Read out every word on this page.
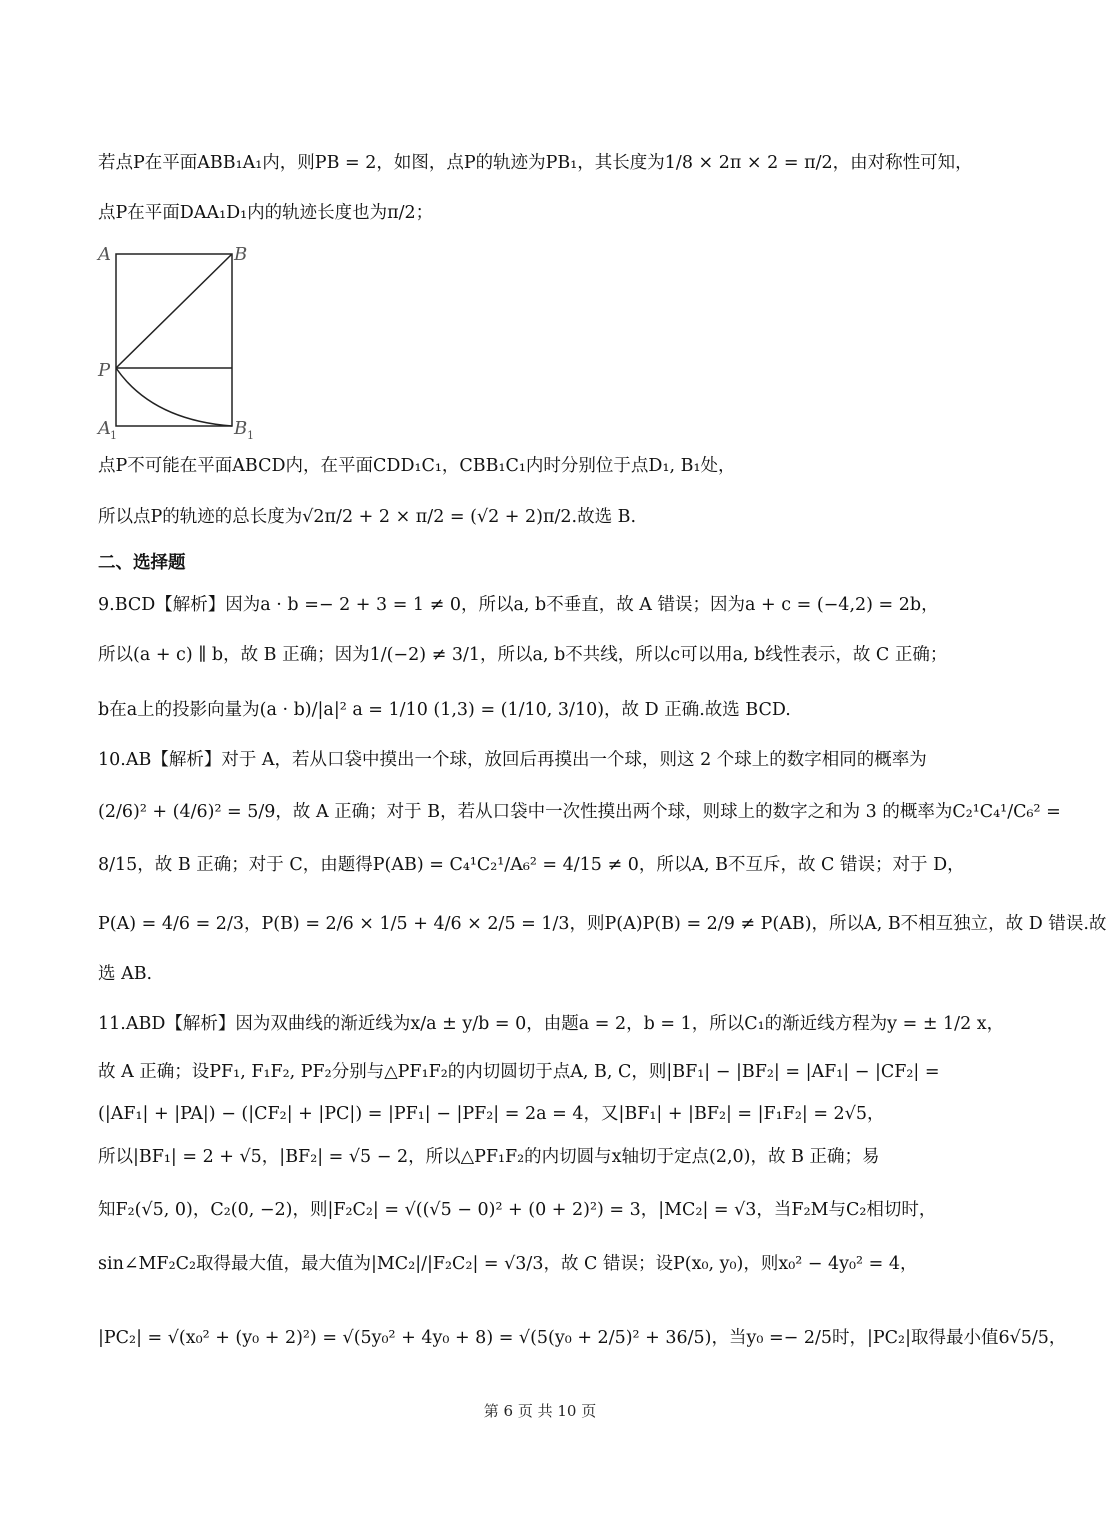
若点P在平面ABB₁A₁内，则PB = 2，如图，点P的轨迹为PB₁，其长度为1/8 × 2π × 2 = π/2，由对称性可知，
点P在平面DAA₁D₁内的轨迹长度也为π/2；
A	B
P
A 1	B 1
点P不可能在平面ABCD内，在平面CDD₁C₁，CBB₁C₁内时分别位于点D₁, B₁处，
所以点P的轨迹的总长度为√2π/2 + 2 × π/2 = (√2 + 2)π/2.故选 B.
二、选择题
9.BCD【解析】因为a · b =− 2 + 3 = 1 ≠ 0，所以a, b不垂直，故 A 错误；因为a + c = (−4,2) = 2b，
所以(a + c) ∥ b，故 B 正确；因为1/(−2) ≠ 3/1，所以a, b不共线，所以c可以用a, b线性表示，故 C 正确；
b在a上的投影向量为(a · b)/|a|² a = 1/10 (1,3) = (1/10, 3/10)，故 D 正确.故选 BCD.
10.AB【解析】对于 A，若从口袋中摸出一个球，放回后再摸出一个球，则这 2 个球上的数字相同的概率为
(2/6)² + (4/6)² = 5/9，故 A 正确；对于 B，若从口袋中一次性摸出两个球，则球上的数字之和为 3 的概率为C₂¹C₄¹/C₆² =
8/15，故 B 正确；对于 C，由题得P(AB) = C₄¹C₂¹/A₆² = 4/15 ≠ 0，所以A, B不互斥，故 C 错误；对于 D，
P(A) = 4/6 = 2/3，P(B) = 2/6 × 1/5 + 4/6 × 2/5 = 1/3，则P(A)P(B) = 2/9 ≠ P(AB)，所以A, B不相互独立，故 D 错误.故
选 AB.
11.ABD【解析】因为双曲线的渐近线为x/a ± y/b = 0，由题a = 2，b = 1，所以C₁的渐近线方程为y = ± 1/2 x，
故 A 正确；设PF₁, F₁F₂, PF₂分别与△PF₁F₂的内切圆切于点A, B, C，则|BF₁| − |BF₂| = |AF₁| − |CF₂| =
(|AF₁| + |PA|) − (|CF₂| + |PC|) = |PF₁| − |PF₂| = 2a = 4，又|BF₁| + |BF₂| = |F₁F₂| = 2√5，
所以|BF₁| = 2 + √5，|BF₂| = √5 − 2，所以△PF₁F₂的内切圆与x轴切于定点(2,0)，故 B 正确；易
知F₂(√5, 0)，C₂(0, −2)，则|F₂C₂| = √((√5 − 0)² + (0 + 2)²) = 3，|MC₂| = √3，当F₂M与C₂相切时，
sin∠MF₂C₂取得最大值，最大值为|MC₂|/|F₂C₂| = √3/3，故 C 错误；设P(x₀, y₀)，则x₀² − 4y₀² = 4，
|PC₂| = √(x₀² + (y₀ + 2)²) = √(5y₀² + 4y₀ + 8) = √(5(y₀ + 2/5)² + 36/5)，当y₀ =− 2/5时，|PC₂|取得最小值6√5/5，
第 6 页 共 10 页
